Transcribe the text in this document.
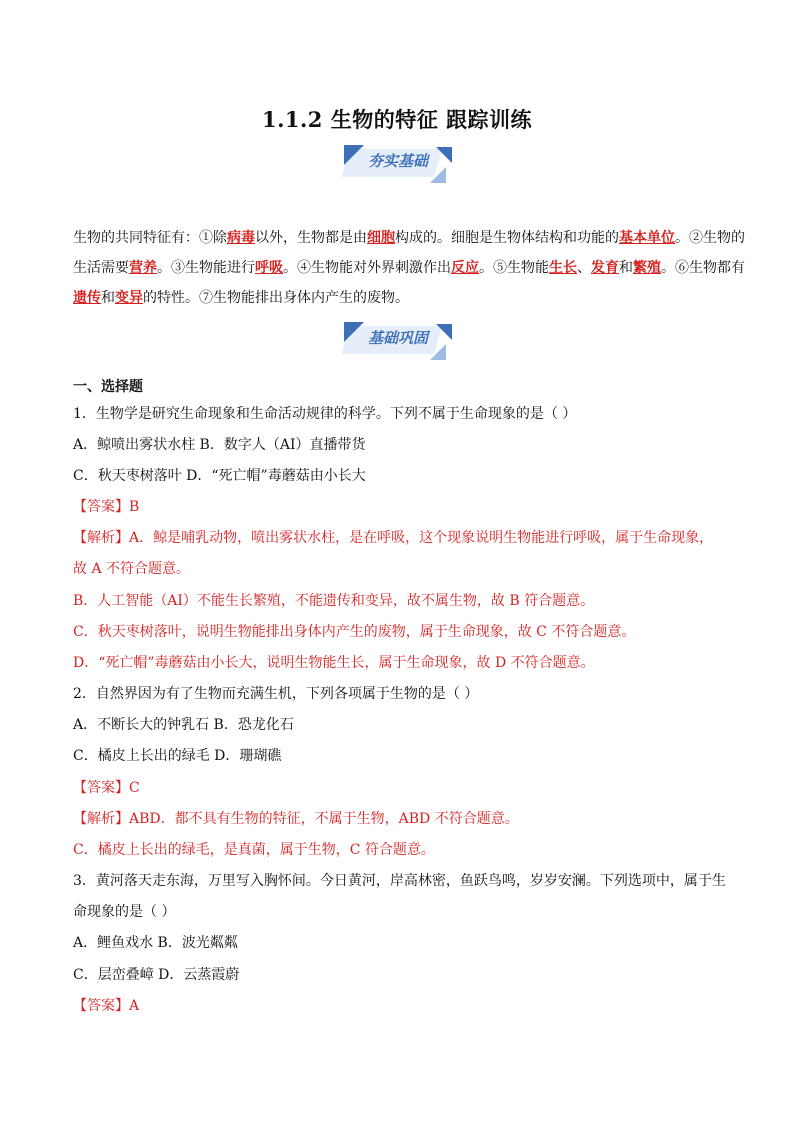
1.1.2 生物的特征 跟踪训练
夯实基础
生物的共同特征有：①除病毒以外，生物都是由细胞构成的。细胞是生物体结构和功能的基本单位。②生物的
生活需要营养。③生物能进行呼吸。④生物能对外界刺激作出反应。⑤生物能生长、发育和繁殖。⑥生物都有
遗传和变异的特性。⑦生物能排出身体内产生的废物。
基础巩固
一、选择题
1．生物学是研究生命现象和生命活动规律的科学。下列不属于生命现象的是（ ）
A．鲸喷出雾状水柱 B．数字人（AI）直播带货
C．秋天枣树落叶 D．“死亡帽”毒蘑菇由小长大
【答案】B
【解析】A．鲸是哺乳动物，喷出雾状水柱，是在呼吸，这个现象说明生物能进行呼吸，属于生命现象，
故 A 不符合题意。
B．人工智能（AI）不能生长繁殖，不能遗传和变异，故不属生物，故 B 符合题意。
C．秋天枣树落叶，说明生物能排出身体内产生的废物，属于生命现象，故 C 不符合题意。
D．“死亡帽”毒蘑菇由小长大，说明生物能生长，属于生命现象，故 D 不符合题意。
2．自然界因为有了生物而充满生机，下列各项属于生物的是（ ）
A．不断长大的钟乳石 B．恐龙化石
C．橘皮上长出的绿毛 D．珊瑚礁
【答案】C
【解析】ABD．都不具有生物的特征，不属于生物，ABD 不符合题意。
C．橘皮上长出的绿毛，是真菌，属于生物，C 符合题意。
3．黄河落天走东海，万里写入胸怀间。今日黄河，岸高林密，鱼跃鸟鸣，岁岁安澜。下列选项中，属于生
命现象的是（ ）
A．鲤鱼戏水 B．波光粼粼
C．层峦叠嶂 D．云蒸霞蔚
【答案】A
